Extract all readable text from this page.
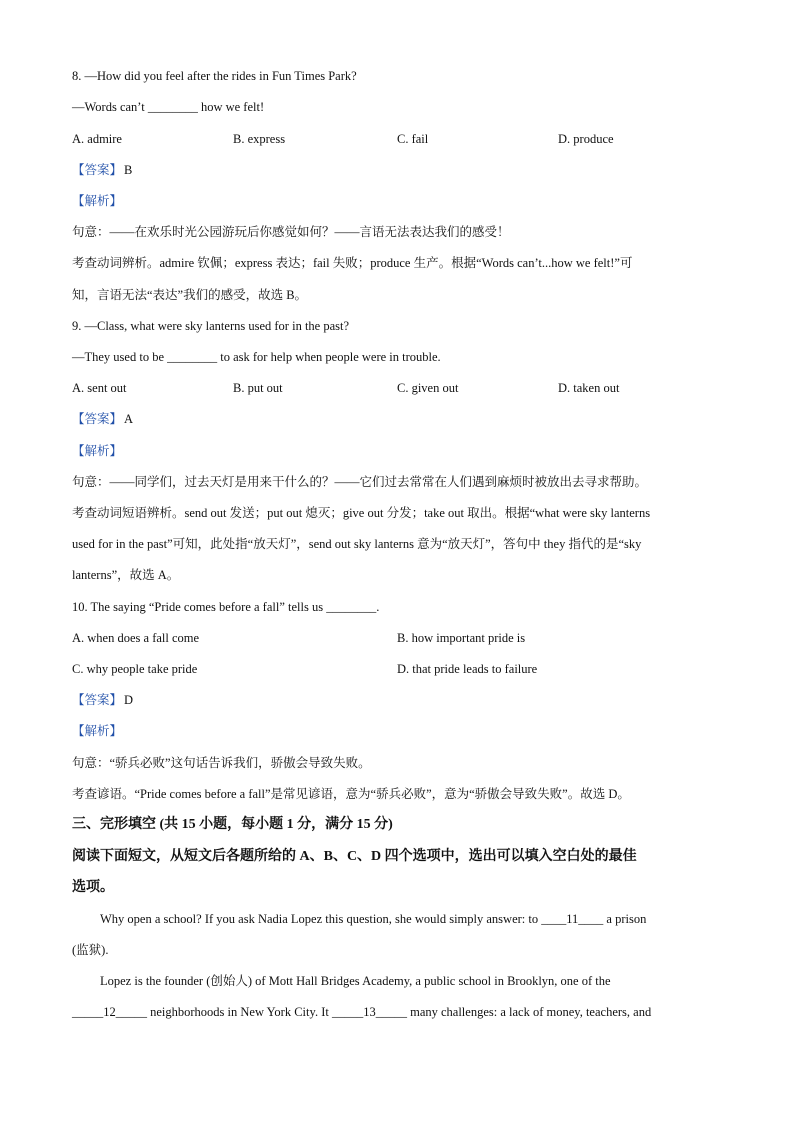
8. —How did you feel after the rides in Fun Times Park?
—Words can’t ________ how we felt!
A. admire	B. express	C. fail	D. produce
【答案】 B
【解析】
句意：——在欢乐时光公园游玩后你感觉如何？——言语无法表达我们的感受！
考查动词辨析。admire 钦佩；express 表达；fail 失败；produce 生产。根据“Words can’t...how we felt!”可
知，言语无法“表达”我们的感受，故选 B。
9. —Class, what were sky lanterns used for in the past?
—They used to be ________ to ask for help when people were in trouble.
A. sent out	B. put out	C. given out	D. taken out
【答案】 A
【解析】
句意：——同学们，过去天灯是用来干什么的？——它们过去常常在人们遇到麻烦时被放出去寻求帮助。
考查动词短语辨析。send out 发送；put out 熄灭；give out 分发；take out 取出。根据“what were sky lanterns
used for in the past”可知，此处指“放天灯”，send out sky lanterns 意为“放天灯”，答句中 they 指代的是“sky
lanterns”，故选 A。
10. The saying “Pride comes before a fall” tells us ________.
A. when does a fall come	B. how important pride is
C. why people take pride	D. that pride leads to failure
【答案】 D
【解析】
句意：“骄兵必败”这句话告诉我们，骄傲会导致失败。
考查谚语。“Pride comes before a fall”是常见谚语，意为“骄兵必败”，意为“骄傲会导致失败”。故选 D。
三、完形填空 (共 15 小题，每小题 1 分，满分 15 分)
阅读下面短文，从短文后各题所给的 A、B、C、D 四个选项中，选出可以填入空白处的最佳
选项。
Why open a school? If you ask Nadia Lopez this question, she would simply answer: to ____11____ a prison
(监狱).
Lopez is the founder (创始人) of Mott Hall Bridges Academy, a public school in Brooklyn, one of the
_____12_____ neighborhoods in New York City. It _____13_____ many challenges: a lack of money, teachers, and
